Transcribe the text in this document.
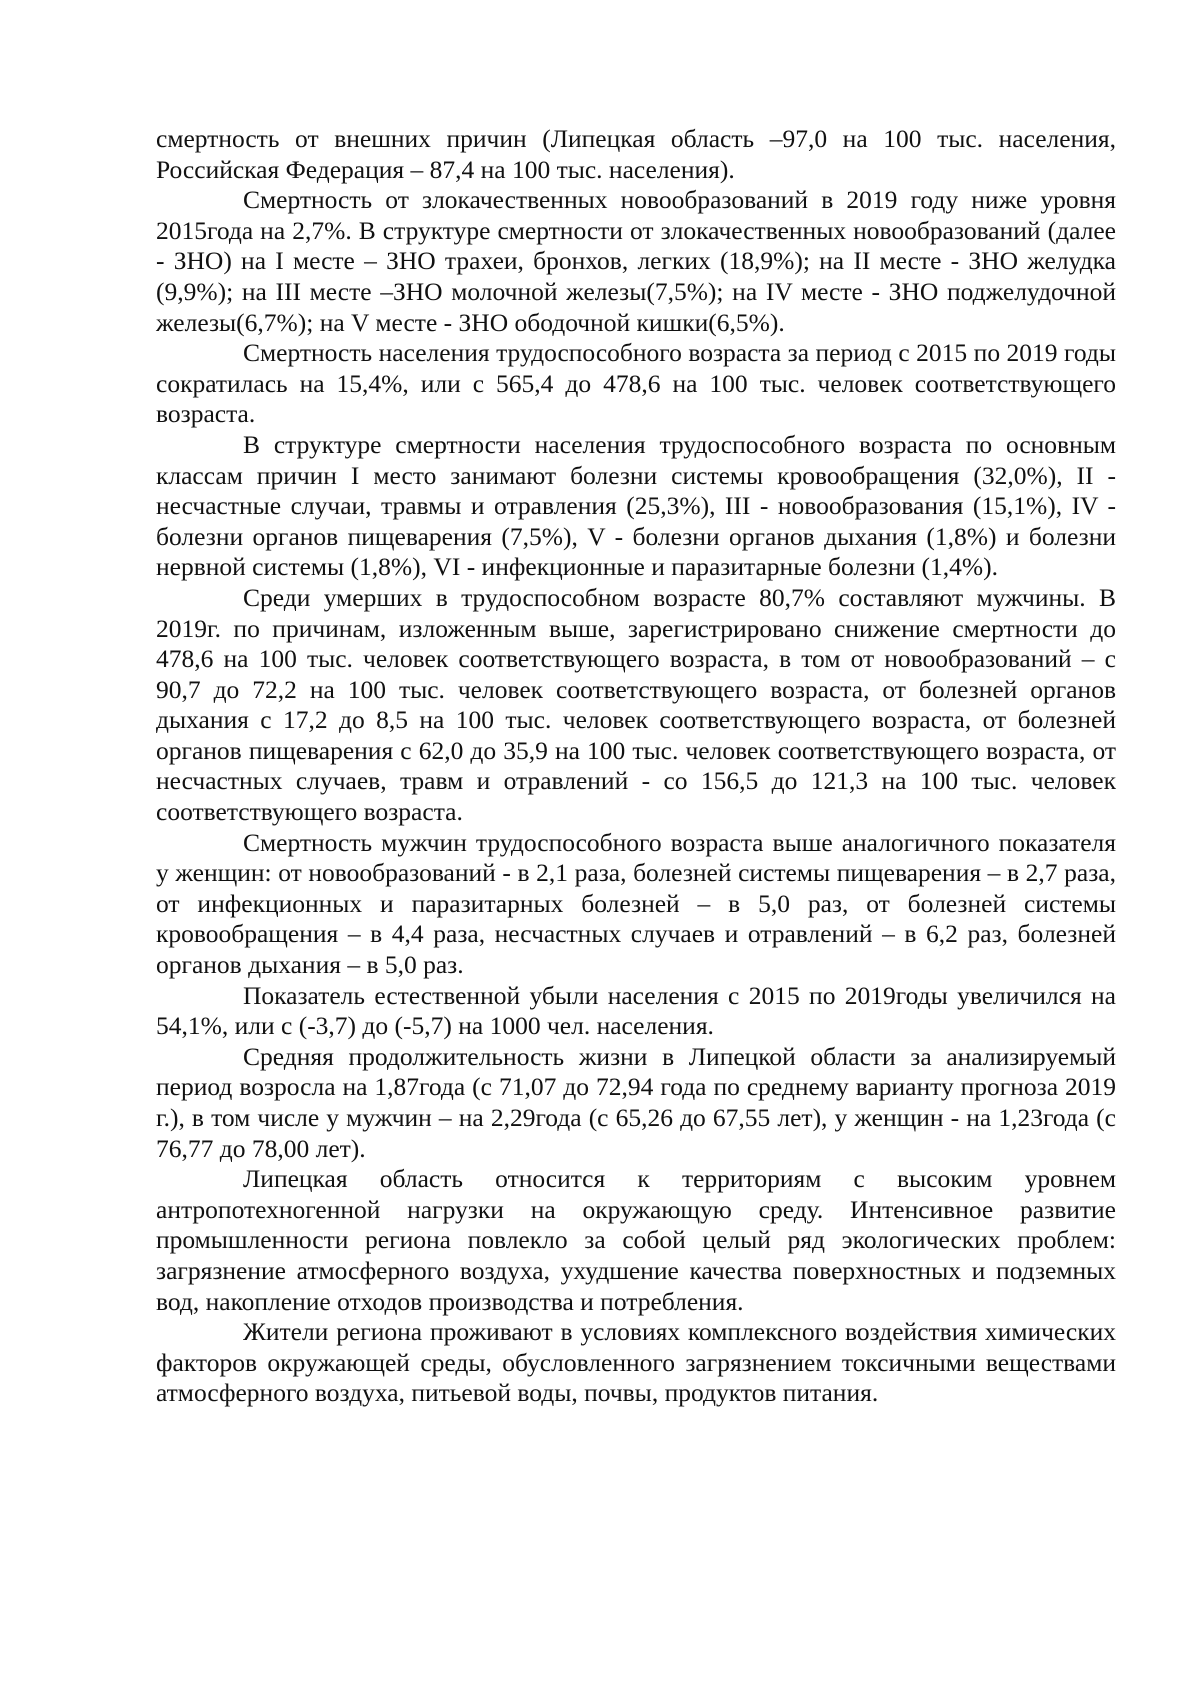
смертность от внешних причин (Липецкая область –97,0 на 100 тыс. населения, Российская Федерация – 87,4 на 100 тыс. населения).

Смертность от злокачественных новообразований в 2019 году ниже уровня 2015года на 2,7%. В структуре смертности от злокачественных новообразований (далее - ЗНО) на I месте – ЗНО трахеи, бронхов, легких (18,9%); на II месте - ЗНО желудка (9,9%); на III месте –ЗНО молочной железы(7,5%); на IV месте - ЗНО поджелудочной железы(6,7%); на V месте - ЗНО ободочной кишки(6,5%).

Смертность населения трудоспособного возраста за период с 2015 по 2019 годы сократилась на 15,4%, или с 565,4 до 478,6 на 100 тыс. человек соответствующего возраста.

В структуре смертности населения трудоспособного возраста по основным классам причин I место занимают болезни системы кровообращения (32,0%), II - несчастные случаи, травмы и отравления (25,3%), III - новообразования (15,1%), IV - болезни органов пищеварения (7,5%), V - болезни органов дыхания (1,8%) и болезни нервной системы (1,8%), VI - инфекционные и паразитарные болезни (1,4%).

Среди умерших в трудоспособном возрасте 80,7% составляют мужчины. В 2019г. по причинам, изложенным выше, зарегистрировано снижение смертности до 478,6 на 100 тыс. человек соответствующего возраста, в том от новообразований – с 90,7 до 72,2 на 100 тыс. человек соответствующего возраста, от болезней органов дыхания с 17,2 до 8,5 на 100 тыс. человек соответствующего возраста, от болезней органов пищеварения с 62,0 до 35,9 на 100 тыс. человек соответствующего возраста, от несчастных случаев, травм и отравлений - со 156,5 до 121,3 на 100 тыс. человек соответствующего возраста.

Смертность мужчин трудоспособного возраста выше аналогичного показателя у женщин: от новообразований - в 2,1 раза, болезней системы пищеварения – в 2,7 раза, от инфекционных и паразитарных болезней – в 5,0 раз, от болезней системы кровообращения – в 4,4 раза, несчастных случаев и отравлений – в 6,2 раз, болезней органов дыхания – в 5,0 раз.

Показатель естественной убыли населения с 2015 по 2019годы увеличился на 54,1%, или с (-3,7) до (-5,7) на 1000 чел. населения.

Средняя продолжительность жизни в Липецкой области за анализируемый период возросла на 1,87года (с 71,07 до 72,94 года по среднему варианту прогноза 2019 г.), в том числе у мужчин – на 2,29года (с 65,26 до 67,55 лет), у женщин - на 1,23года (с 76,77 до 78,00 лет).

Липецкая область относится к территориям с высоким уровнем антропотехногенной нагрузки на окружающую среду. Интенсивное развитие промышленности региона повлекло за собой целый ряд экологических проблем: загрязнение атмосферного воздуха, ухудшение качества поверхностных и подземных вод, накопление отходов производства и потребления.

Жители региона проживают в условиях комплексного воздействия химических факторов окружающей среды, обусловленного загрязнением токсичными веществами атмосферного воздуха, питьевой воды, почвы, продуктов питания.
